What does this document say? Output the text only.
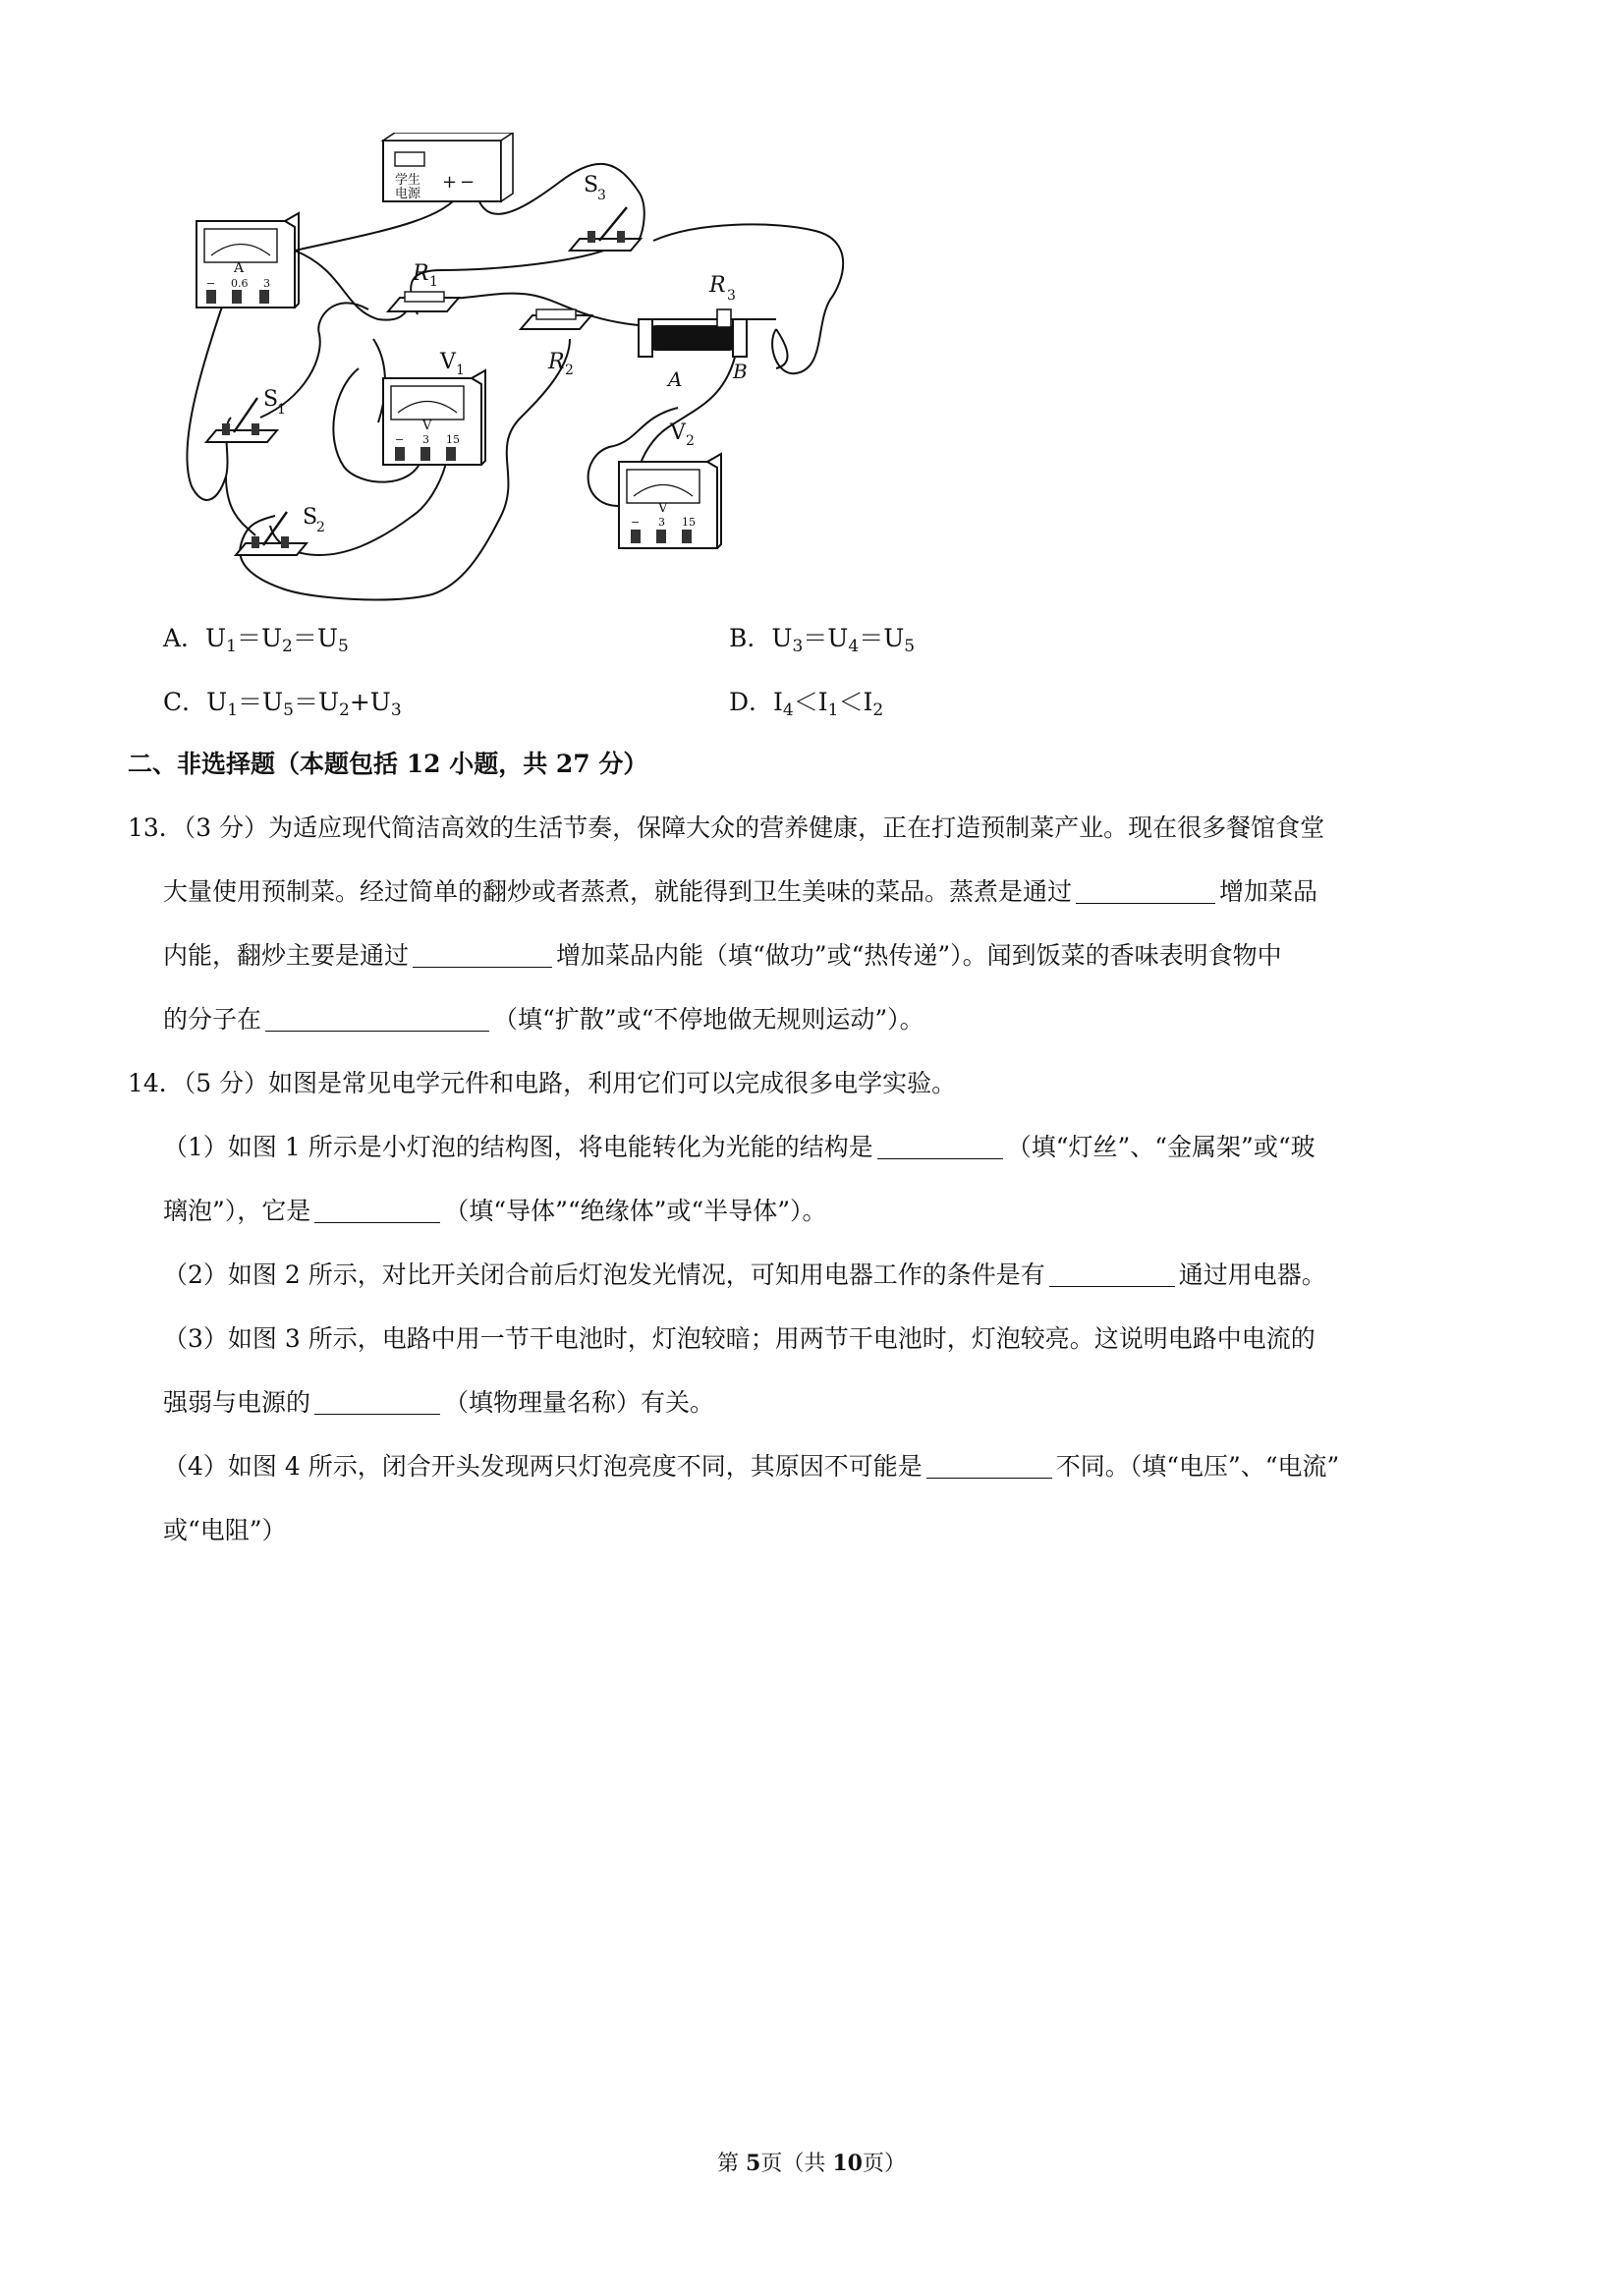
学生
电源
+ −
A
− 0.6 3	R 1
R 2
R 3
A	B
S
3
V
− 3 15
V 1
S
1
S
2
V
− 3 15
V 2
A．$U_1=U_2=U_5$	B．$U_3=U_4=U_5$
C．$U_1=U_5=U_2+U_3$	D．$I_4<I_1<I_2$
二、非选择题（本题包括 12 小题，共 27 分）
13．（3 分）为适应现代简洁高效的生活节奏，保障大众的营养健康，正在打造预制菜产业。现在很多餐馆食堂
大量使用预制菜。经过简单的翻炒或者蒸煮，就能得到卫生美味的菜品。蒸煮是通过	增加菜品
内能，翻炒主要是通过	增加菜品内能（填“做功”或“热传递”）。闻到饭菜的香味表明食物中
的分子在	（填“扩散”或“不停地做无规则运动”）。
14．（5 分）如图是常见电学元件和电路，利用它们可以完成很多电学实验。
（1）如图 1 所示是小灯泡的结构图，将电能转化为光能的结构是	（填“灯丝”、“金属架”或“玻
璃泡”），它是	（填“导体”“绝缘体”或“半导体”）。
（2）如图 2 所示，对比开关闭合前后灯泡发光情况，可知用电器工作的条件是有	通过用电器。
（3）如图 3 所示，电路中用一节干电池时，灯泡较暗；用两节干电池时，灯泡较亮。这说明电路中电流的
强弱与电源的	（填物理量名称）有关。
（4）如图 4 所示，闭合开头发现两只灯泡亮度不同，其原因不可能是	不同。（填“电压”、“电流”
或“电阻”）
第 5页（共 10页）
